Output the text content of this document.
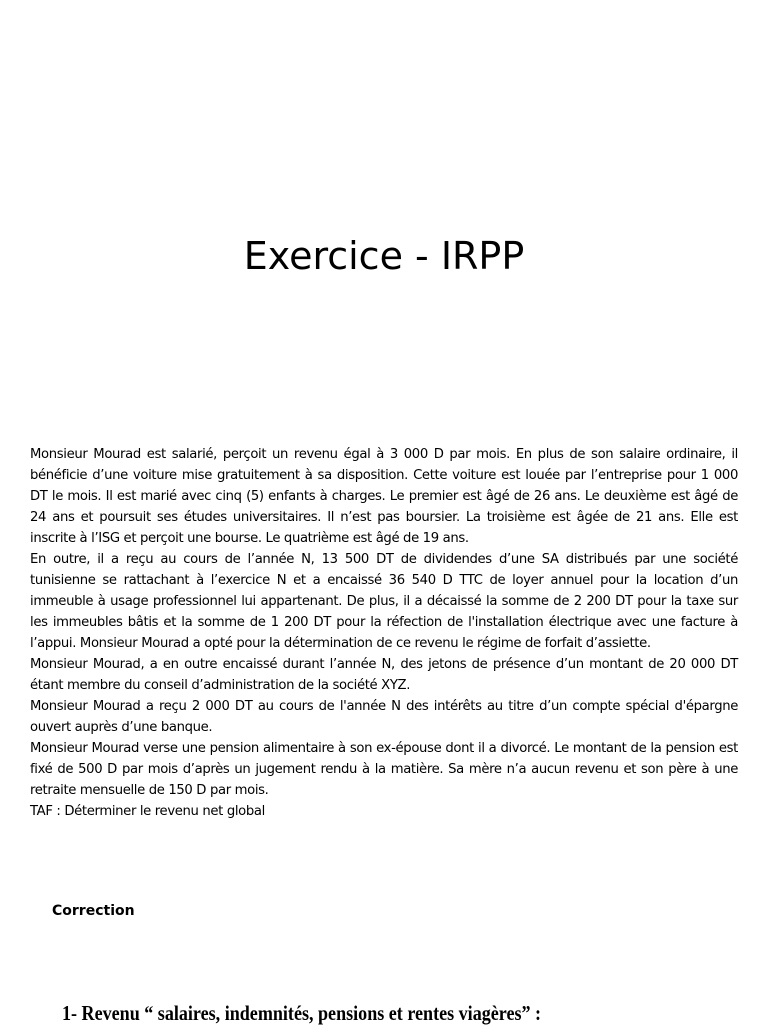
Exercice - IRPP

Monsieur Mourad est salarié, perçoit un revenu égal à 3 000 D par mois. En plus de son salaire ordinaire, il bénéficie d’une voiture mise gratuitement à sa disposition. Cette voiture est louée par l’entreprise pour 1 000 DT le mois. Il est marié avec cinq (5) enfants à charges. Le premier est âgé de 26 ans. Le deuxième est âgé de 24 ans et poursuit ses études universitaires. Il n’est pas boursier. La troisième est âgée de 21 ans. Elle est inscrite à l’ISG et perçoit une bourse. Le quatrième est âgé de 19 ans.

En outre, il a reçu au cours de l’année N, 13 500 DT de dividendes d’une SA distribués par une société tunisienne se rattachant à l’exercice N et a encaissé 36 540 D TTC de loyer annuel pour la location d’un immeuble à usage professionnel lui appartenant. De plus, il a décaissé la somme de 2 200 DT pour la taxe sur les immeubles bâtis et la somme de 1 200 DT pour la réfection de l'installation électrique avec une facture à l’appui. Monsieur Mourad a opté pour la détermination de ce revenu le régime de forfait d’assiette.

Monsieur Mourad, a en outre encaissé durant l’année N, des jetons de présence d’un montant de 20 000 DT étant membre du conseil d’administration de la société XYZ.

Monsieur Mourad a reçu 2 000 DT au cours de l'année N des intérêts au titre d’un compte spécial d'épargne ouvert auprès d’une banque.

Monsieur Mourad verse une pension alimentaire à son ex-épouse dont il a divorcé. Le montant de la pension est fixé de 500 D par mois d’après un jugement rendu à la matière. Sa mère n’a aucun revenu et son père à une retraite mensuelle de 150 D par mois.

TAF : Déterminer le revenu net global

Correction
1- Revenu “ salaires, indemnités, pensions et rentes viagères” :
